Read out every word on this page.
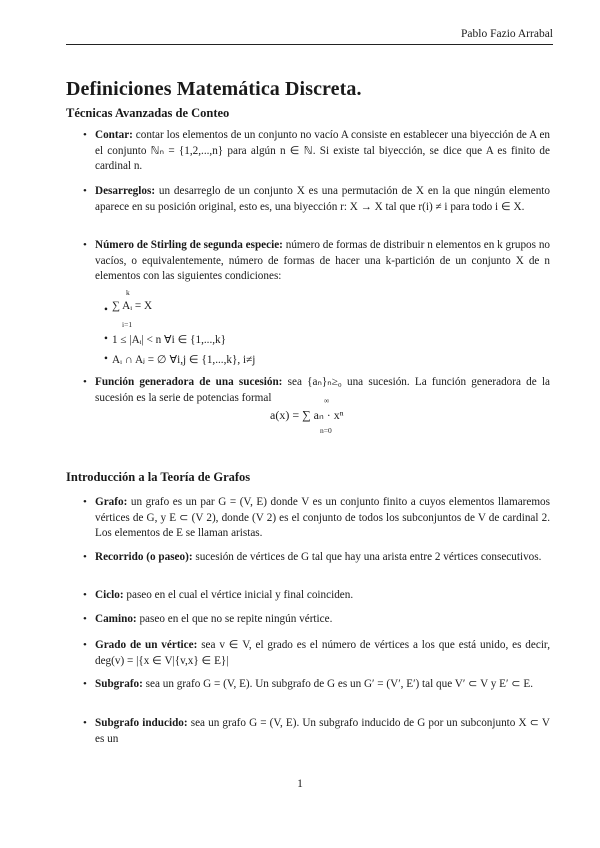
Pablo Fazio Arrabal
Definiciones Matemática Discreta.
Técnicas Avanzadas de Conteo
• Contar: contar los elementos de un conjunto no vacío A consiste en establecer una biyección de A en el conjunto ℕₙ = {1,2,...,n} para algún n ∈ ℕ. Si existe tal biyección, se dice que A es finito de cardinal n.
• Desarreglos: un desarreglo de un conjunto X es una permutación de X en la que ningún elemento aparece en su posición original, esto es, una biyección r: X → X tal que r(i) ≠ i para todo i ∈ X.
• Número de Stirling de segunda especie: número de formas de distribuir n elementos en k grupos no vacíos, o equivalentemente, número de formas de hacer una k-partición de un conjunto X de n elementos con las siguientes condiciones:
•
k
∑ Aᵢ = X
i=1
• 1 ≤ |Aᵢ| < n ∀i ∈ {1,...,k}
• Aᵢ ∩ Aⱼ = ∅ ∀i,j ∈ {1,...,k}, i≠j
• Función generadora de una sucesión: sea {aₙ}ₙ≥₀ una sucesión. La función generadora de la sucesión es la serie de potencias formal	∞
a(x) = ∑ aₙ · xⁿ
n=0
Introducción a la Teoría de Grafos
• Grafo: un grafo es un par G = (V, E) donde V es un conjunto finito a cuyos elementos llamaremos vértices de G, y E ⊂ (V 2), donde (V 2) es el conjunto de todos los subconjuntos de V de cardinal 2. Los elementos de E se llaman aristas.
• Recorrido (o paseo): sucesión de vértices de G tal que hay una arista entre 2 vértices consecutivos.
• Ciclo: paseo en el cual el vértice inicial y final coinciden.
• Camino: paseo en el que no se repite ningún vértice.
• Grado de un vértice: sea v ∈ V, el grado es el número de vértices a los que está unido, es decir, deg(v) = |{x ∈ V|{v,x} ∈ E}|
• Subgrafo: sea un grafo G = (V, E). Un subgrafo de G es un G′ = (V′, E′) tal que V′ ⊂ V y E′ ⊂ E.
• Subgrafo inducido: sea un grafo G = (V, E). Un subgrafo inducido de G por un subconjunto X ⊂ V es un
1
